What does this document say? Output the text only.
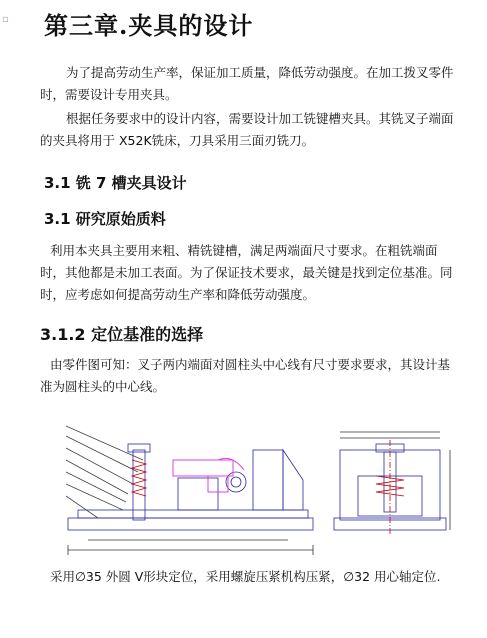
▫ 第三章.夹具的设计
为了提高劳动生产率，保证加工质量，降低劳动强度。在加工拨叉零件时，需要设计专用夹具。
根据任务要求中的设计内容，需要设计加工铣键槽夹具。其铣叉子端面的夹具将用于 X52K铣床，刀具采用三面刃铣刀。
3.1 铣 7 槽夹具设计
3.1 研究原始质料
利用本夹具主要用来粗、精铣键槽，满足两端面尺寸要求。在粗铣端面时，其他都是未加工表面。为了保证技术要求，最关键是找到定位基准。同时，应考虑如何提高劳动生产率和降低劳动强度。
3.1.2 定位基准的选择
由零件图可知：叉子两内端面对圆柱头中心线有尺寸要求要求，其设计基准为圆柱头的中心线。
采用∅35 外圆 V形块定位，采用螺旋压紧机构压紧，∅32 用心轴定位.
